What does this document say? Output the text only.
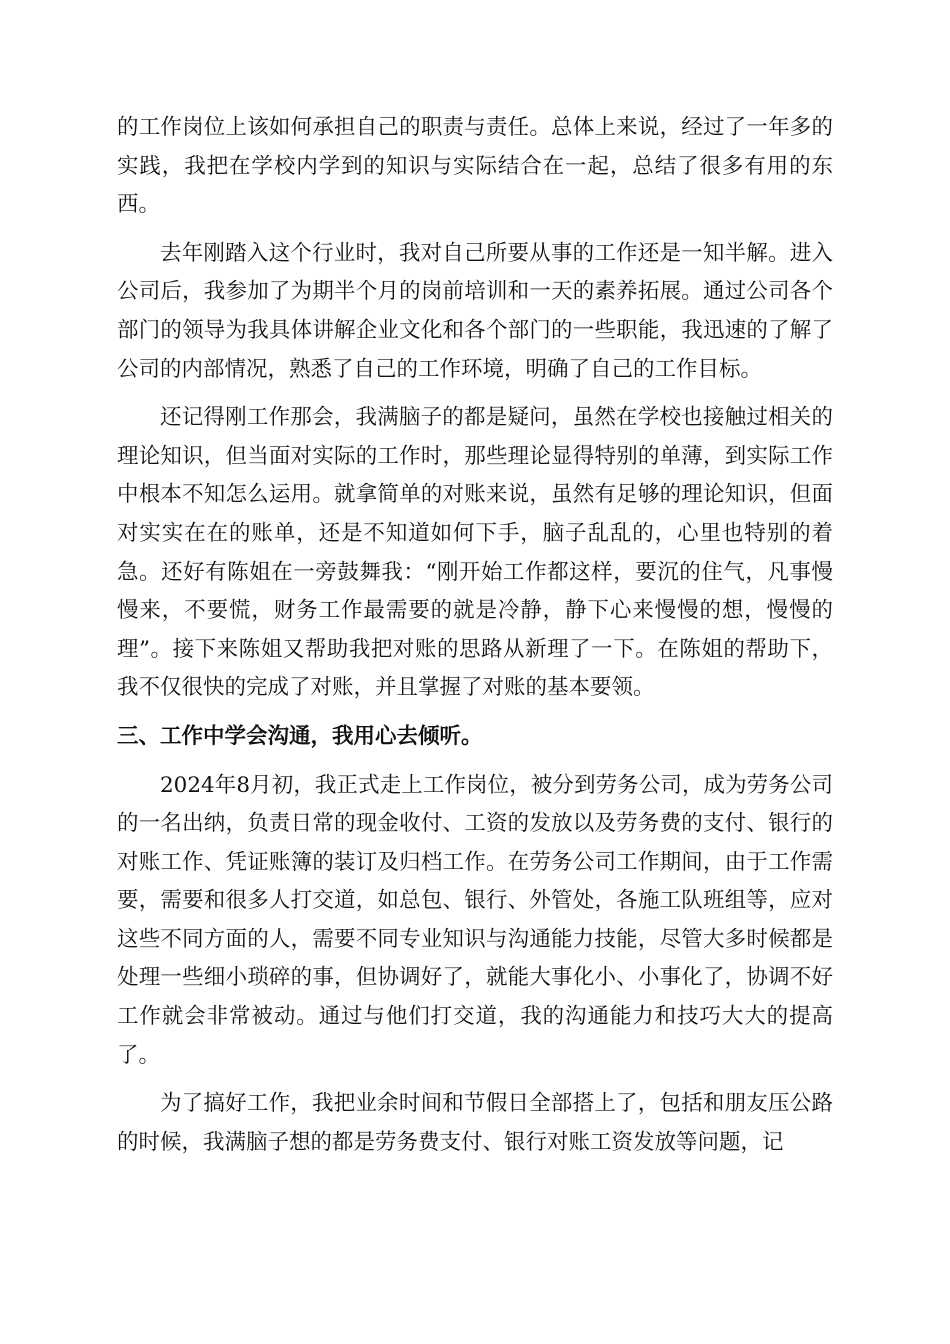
的工作岗位上该如何承担自己的职责与责任。总体上来说，经过了一年多的实践，我把在学校内学到的知识与实际结合在一起，总结了很多有用的东西。

去年刚踏入这个行业时，我对自己所要从事的工作还是一知半解。进入公司后，我参加了为期半个月的岗前培训和一天的素养拓展。通过公司各个部门的领导为我具体讲解企业文化和各个部门的一些职能，我迅速的了解了公司的内部情况，熟悉了自己的工作环境，明确了自己的工作目标。

还记得刚工作那会，我满脑子的都是疑问，虽然在学校也接触过相关的理论知识，但当面对实际的工作时，那些理论显得特别的单薄，到实际工作中根本不知怎么运用。就拿简单的对账来说，虽然有足够的理论知识，但面对实实在在的账单，还是不知道如何下手，脑子乱乱的，心里也特别的着急。还好有陈姐在一旁鼓舞我：“刚开始工作都这样，要沉的住气，凡事慢慢来，不要慌，财务工作最需要的就是冷静，静下心来慢慢的想，慢慢的理”。接下来陈姐又帮助我把对账的思路从新理了一下。在陈姐的帮助下，我不仅很快的完成了对账，并且掌握了对账的基本要领。

三、工作中学会沟通，我用心去倾听。

2024年8月初，我正式走上工作岗位，被分到劳务公司，成为劳务公司的一名出纳，负责日常的现金收付、工资的发放以及劳务费的支付、银行的对账工作、凭证账簿的装订及归档工作。在劳务公司工作期间，由于工作需要，需要和很多人打交道，如总包、银行、外管处，各施工队班组等，应对这些不同方面的人，需要不同专业知识与沟通能力技能，尽管大多时候都是处理一些细小琐碎的事，但协调好了，就能大事化小、小事化了，协调不好工作就会非常被动。通过与他们打交道，我的沟通能力和技巧大大的提高了。

为了搞好工作，我把业余时间和节假日全部搭上了，包括和朋友压公路的时候，我满脑子想的都是劳务费支付、银行对账工资发放等问题，记
